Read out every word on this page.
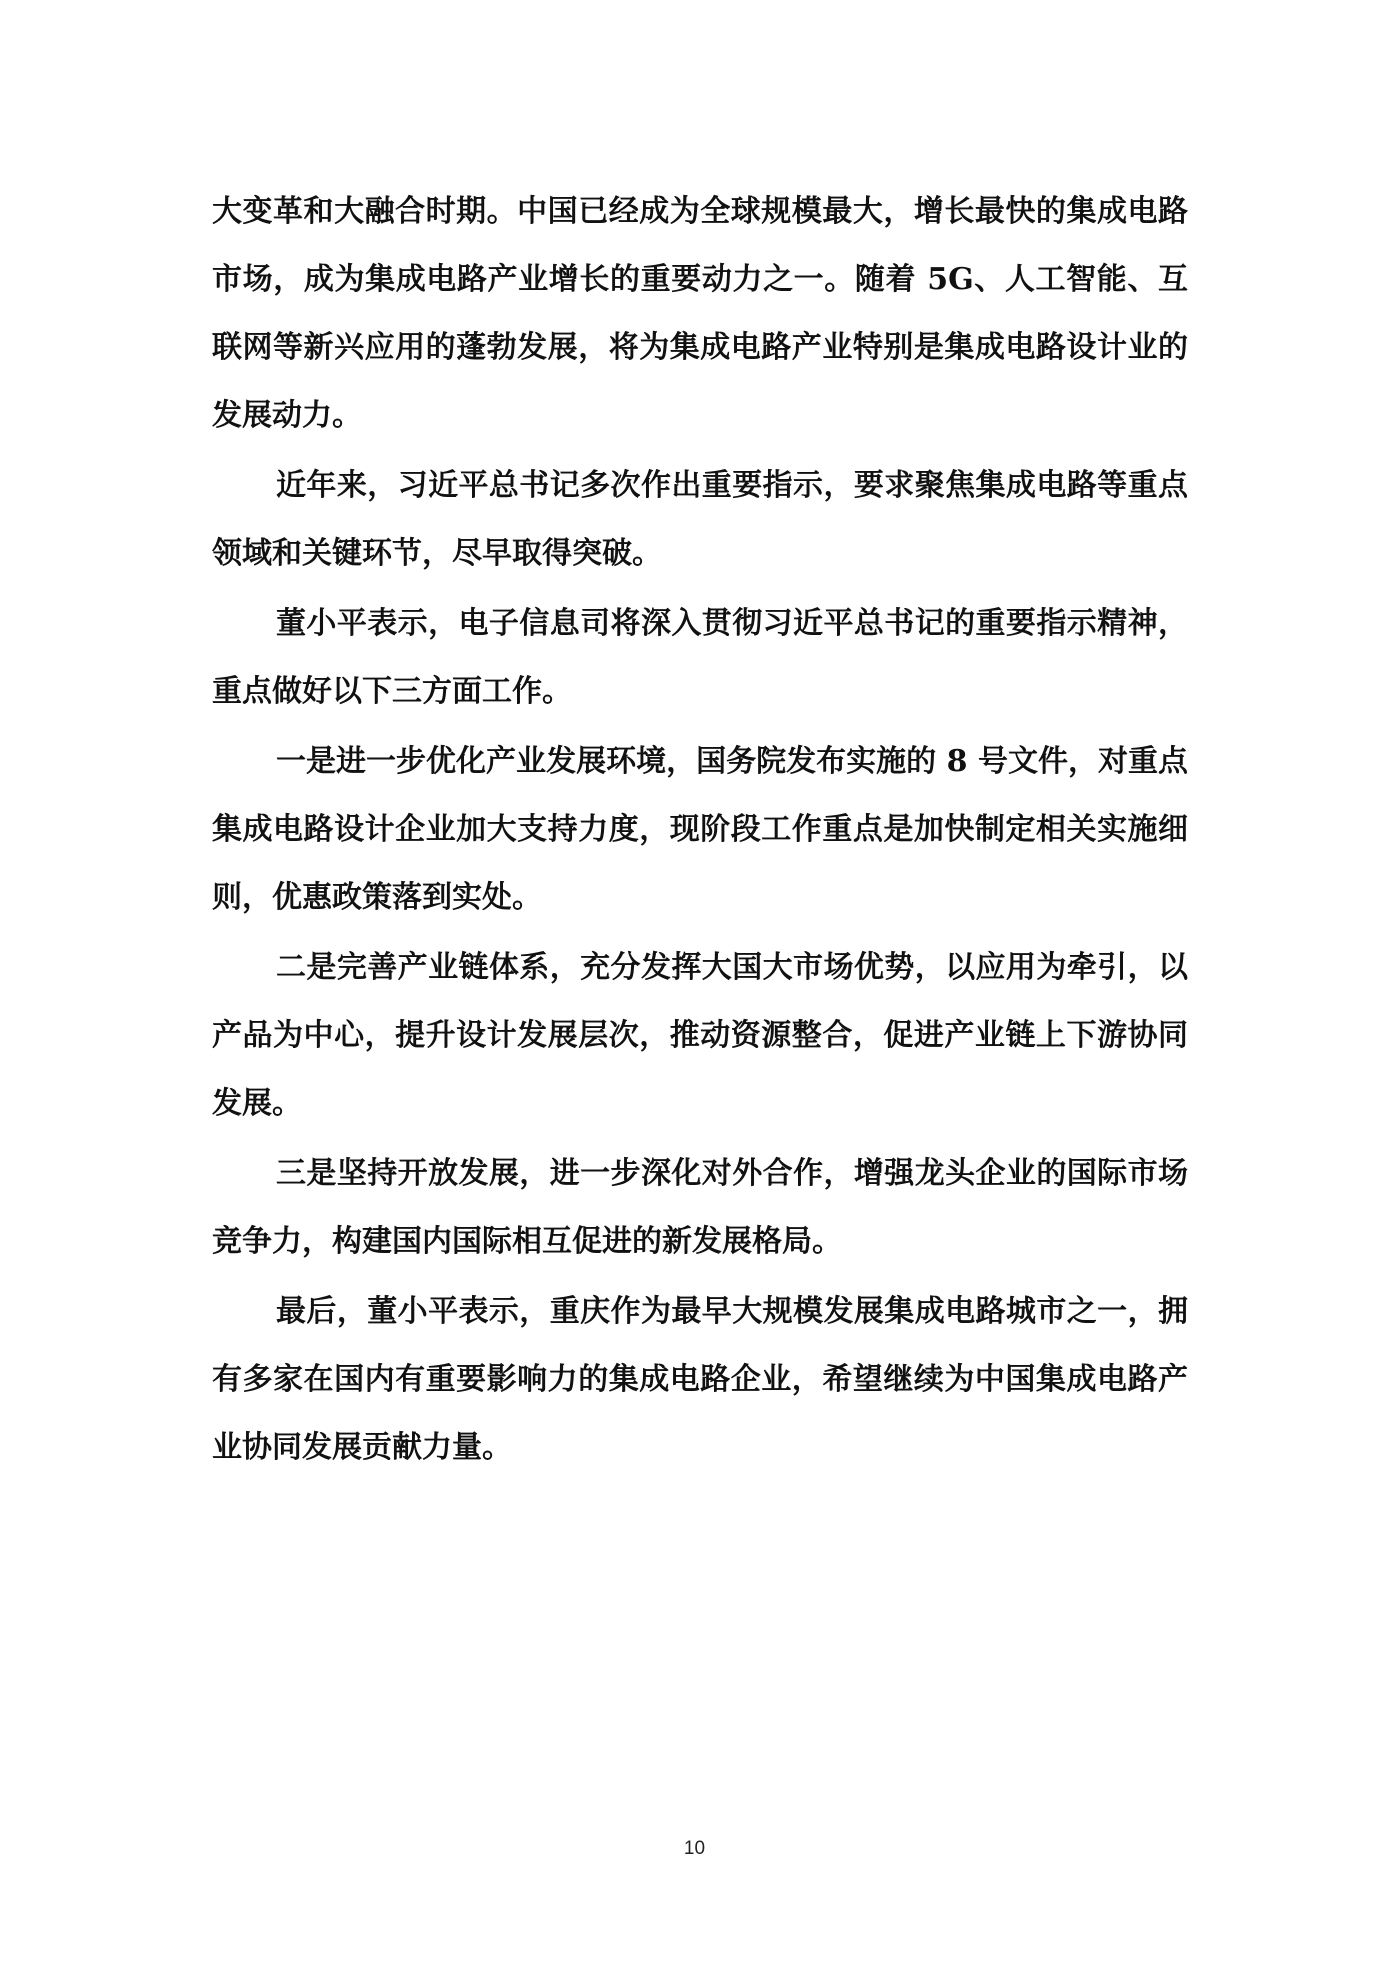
大变革和大融合时期。中国已经成为全球规模最大，增长最快的集成电路市场，成为集成电路产业增长的重要动力之一。随着 5G、人工智能、互联网等新兴应用的蓬勃发展，将为集成电路产业特别是集成电路设计业的发展动力。

近年来，习近平总书记多次作出重要指示，要求聚焦集成电路等重点领域和关键环节，尽早取得突破。

董小平表示，电子信息司将深入贯彻习近平总书记的重要指示精神，重点做好以下三方面工作。

一是进一步优化产业发展环境，国务院发布实施的 8 号文件，对重点集成电路设计企业加大支持力度，现阶段工作重点是加快制定相关实施细则，优惠政策落到实处。

二是完善产业链体系，充分发挥大国大市场优势，以应用为牵引，以产品为中心，提升设计发展层次，推动资源整合，促进产业链上下游协同发展。

三是坚持开放发展，进一步深化对外合作，增强龙头企业的国际市场竞争力，构建国内国际相互促进的新发展格局。

最后，董小平表示，重庆作为最早大规模发展集成电路城市之一，拥有多家在国内有重要影响力的集成电路企业，希望继续为中国集成电路产业协同发展贡献力量。

10
